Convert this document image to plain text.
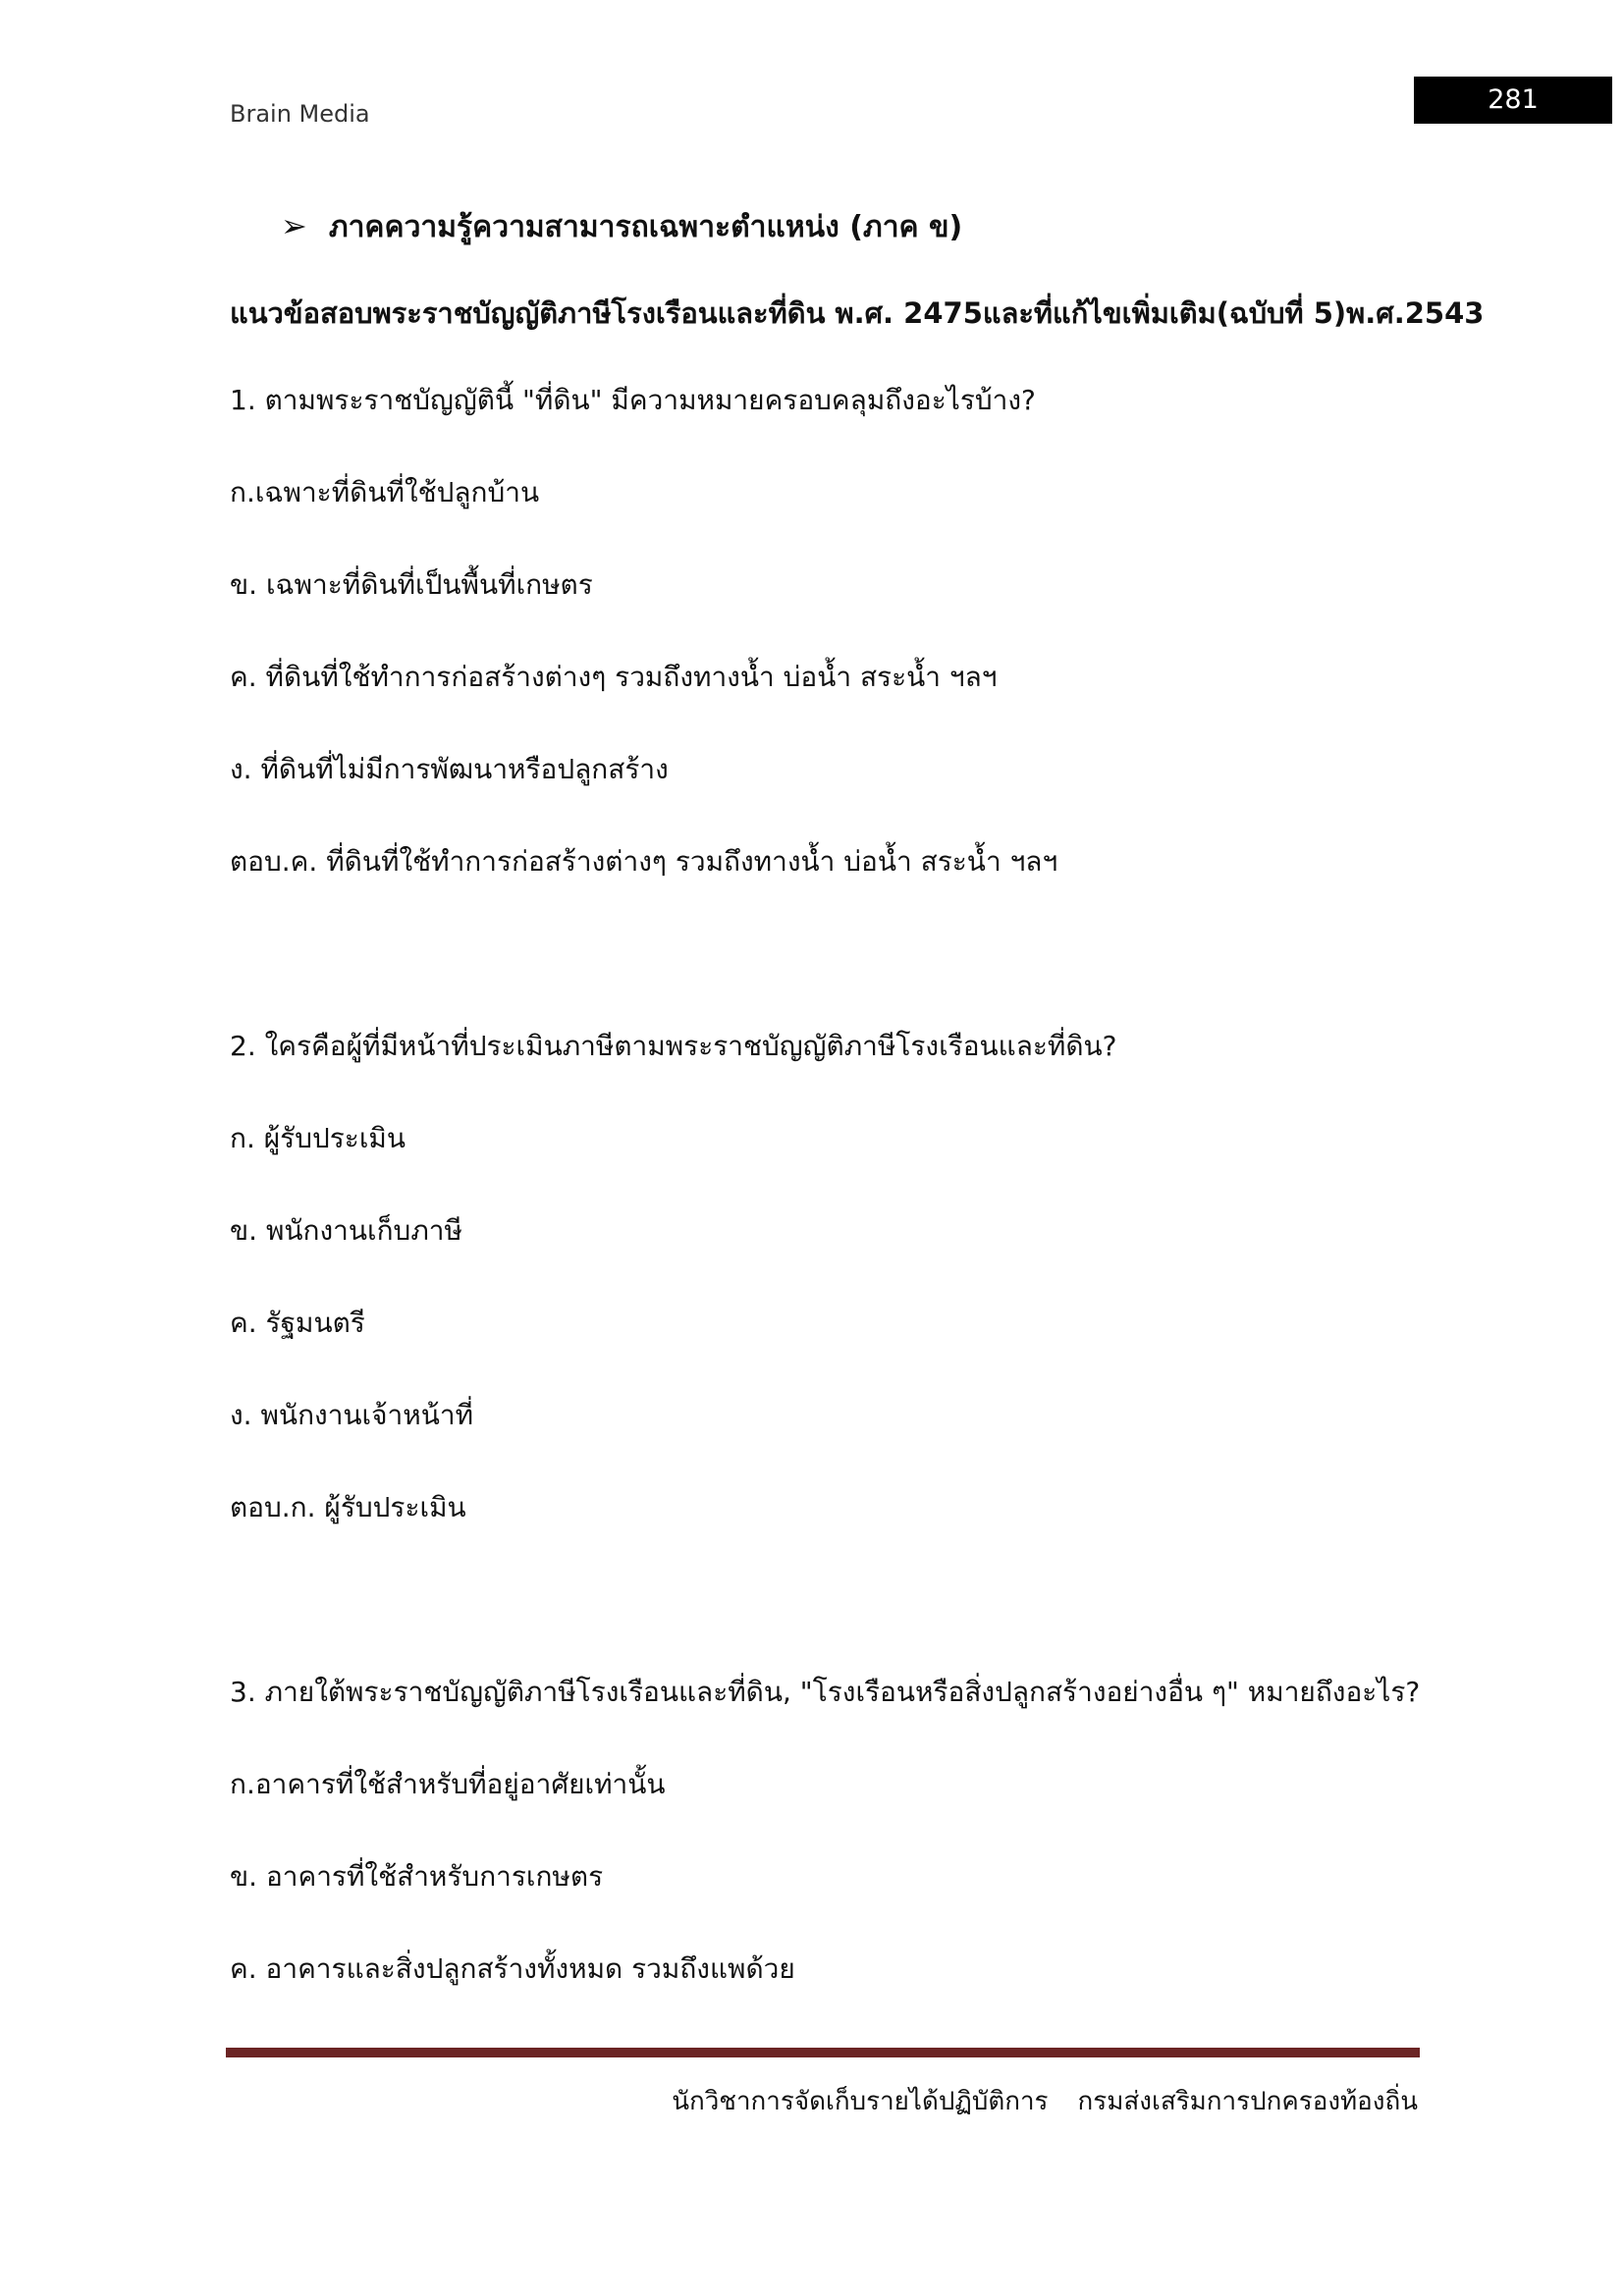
Brain Media	281
➢ ภาคความรู้ความสามารถเฉพาะตำแหน่ง (ภาค ข)
แนวข้อสอบพระราชบัญญัติภาษีโรงเรือนและที่ดิน พ.ศ. 2475และที่แก้ไขเพิ่มเติม(ฉบับที่ 5)พ.ศ.2543
1. ตามพระราชบัญญัตินี้ "ที่ดิน" มีความหมายครอบคลุมถึงอะไรบ้าง?
ก.เฉพาะที่ดินที่ใช้ปลูกบ้าน
ข. เฉพาะที่ดินที่เป็นพื้นที่เกษตร
ค. ที่ดินที่ใช้ทำการก่อสร้างต่างๆ รวมถึงทางน้ำ บ่อน้ำ สระน้ำ ฯลฯ
ง. ที่ดินที่ไม่มีการพัฒนาหรือปลูกสร้าง
ตอบ.ค. ที่ดินที่ใช้ทำการก่อสร้างต่างๆ รวมถึงทางน้ำ บ่อน้ำ สระน้ำ ฯลฯ
2. ใครคือผู้ที่มีหน้าที่ประเมินภาษีตามพระราชบัญญัติภาษีโรงเรือนและที่ดิน?
ก. ผู้รับประเมิน
ข. พนักงานเก็บภาษี
ค. รัฐมนตรี
ง. พนักงานเจ้าหน้าที่
ตอบ.ก. ผู้รับประเมิน
3. ภายใต้พระราชบัญญัติภาษีโรงเรือนและที่ดิน, "โรงเรือนหรือสิ่งปลูกสร้างอย่างอื่น ๆ" หมายถึงอะไร?
ก.อาคารที่ใช้สำหรับที่อยู่อาศัยเท่านั้น
ข. อาคารที่ใช้สำหรับการเกษตร
ค. อาคารและสิ่งปลูกสร้างทั้งหมด รวมถึงแพด้วย
นักวิชาการจัดเก็บรายได้ปฏิบัติการ กรมส่งเสริมการปกครองท้องถิ่น
